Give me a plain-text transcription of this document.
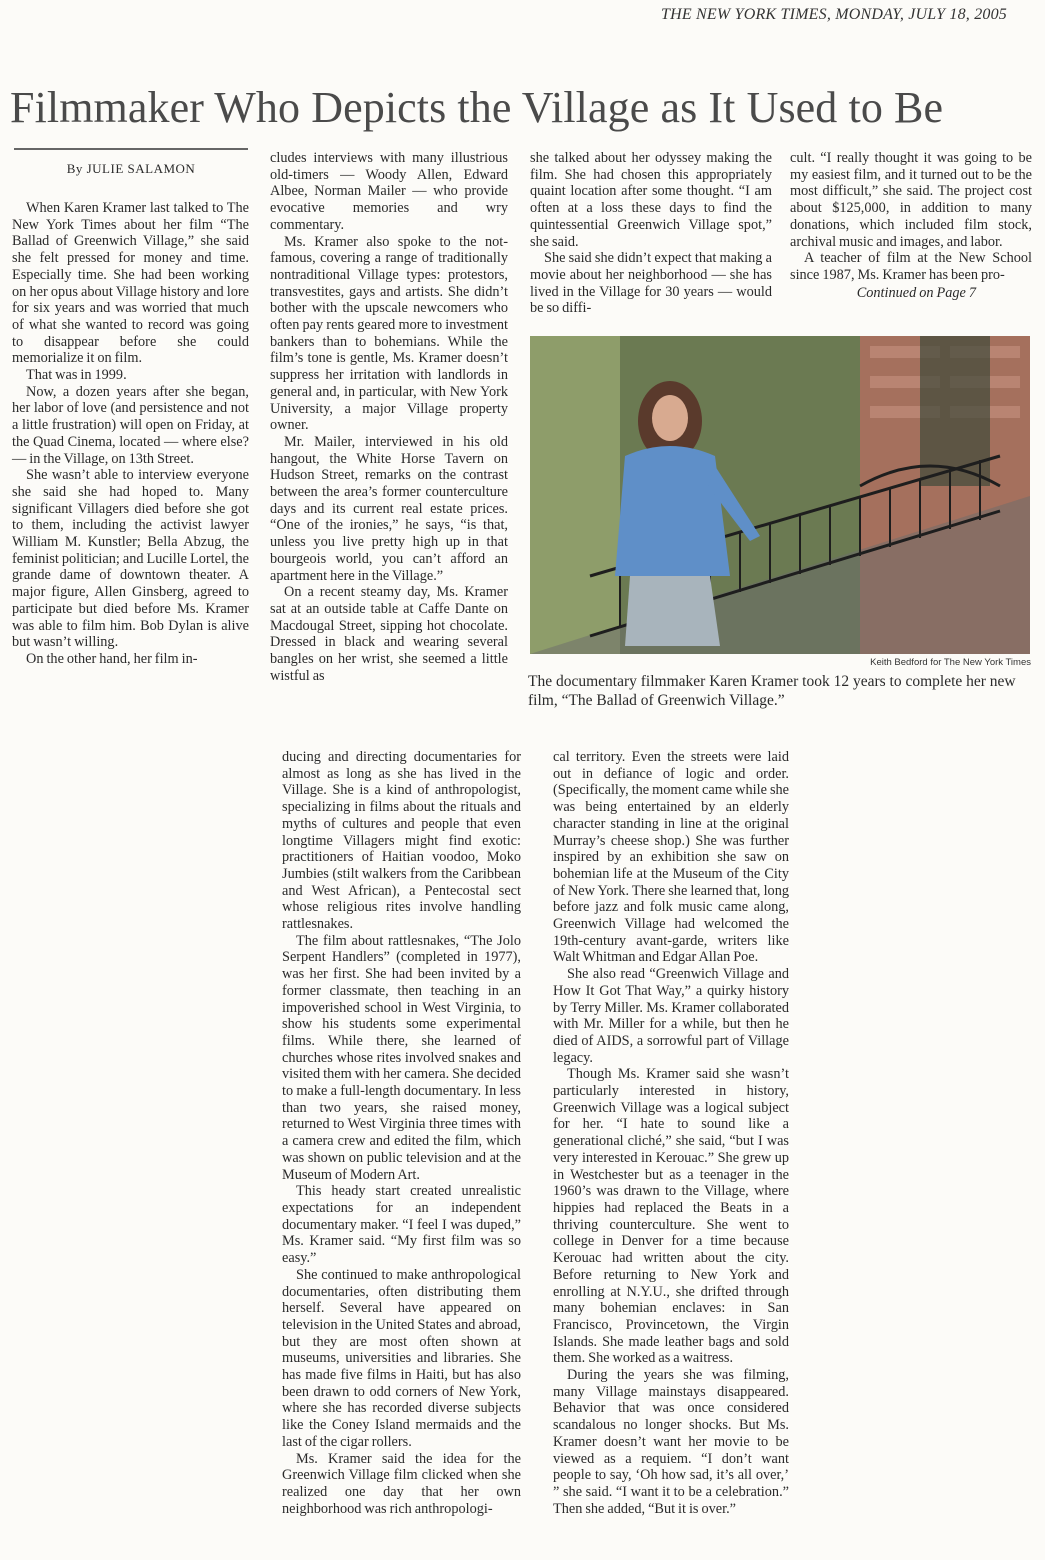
THE NEW YORK TIMES, MONDAY, JULY 18, 2005
Filmmaker Who Depicts the Village as It Used to Be
By JULIE SALAMON

When Karen Kramer last talked to The New York Times about her film “The Ballad of Greenwich Village,” she said she felt pressed for money and time. Especially time. She had been working on her opus about Village history and lore for six years and was worried that much of what she wanted to record was going to disappear before she could memorialize it on film.

That was in 1999.

Now, a dozen years after she began, her labor of love (and persistence and not a little frustration) will open on Friday, at the Quad Cinema, located — where else? — in the Village, on 13th Street.

She wasn’t able to interview everyone she said she had hoped to. Many significant Villagers died before she got to them, including the activist lawyer William M. Kunstler; Bella Abzug, the feminist politician; and Lucille Lortel, the grande dame of downtown theater. A major figure, Allen Ginsberg, agreed to participate but died before Ms. Kramer was able to film him. Bob Dylan is alive but wasn’t willing.

On the other hand, her film in-

cludes interviews with many illustrious old-timers — Woody Allen, Edward Albee, Norman Mailer — who provide evocative memories and wry commentary.

Ms. Kramer also spoke to the not-famous, covering a range of traditionally nontraditional Village types: protestors, transvestites, gays and artists. She didn’t bother with the upscale newcomers who often pay rents geared more to investment bankers than to bohemians. While the film’s tone is gentle, Ms. Kramer doesn’t suppress her irritation with landlords in general and, in particular, with New York University, a major Village property owner.

Mr. Mailer, interviewed in his old hangout, the White Horse Tavern on Hudson Street, remarks on the contrast between the area’s former counterculture days and its current real estate prices. “One of the ironies,” he says, “is that, unless you live pretty high up in that bourgeois world, you can’t afford an apartment here in the Village.”

On a recent steamy day, Ms. Kramer sat at an outside table at Caffe Dante on Macdougal Street, sipping hot chocolate. Dressed in black and wearing several bangles on her wrist, she seemed a little wistful as

she talked about her odyssey making the film. She had chosen this appropriately quaint location after some thought. “I am often at a loss these days to find the quintessential Greenwich Village spot,” she said.

She said she didn’t expect that making a movie about her neighborhood — she has lived in the Village for 30 years — would be so diffi-

cult. “I really thought it was going to be my easiest film, and it turned out to be the most difficult,” she said. The project cost about $125,000, in addition to many donations, which included film stock, archival music and images, and labor.

A teacher of film at the New School since 1987, Ms. Kramer has been pro-

Continued on Page 7
Keith Bedford for The New York Times
The documentary filmmaker Karen Kramer took 12 years to complete her new film, “The Ballad of Greenwich Village.”

ducing and directing documentaries for almost as long as she has lived in the Village. She is a kind of anthropologist, specializing in films about the rituals and myths of cultures and people that even longtime Villagers might find exotic: practitioners of Haitian voodoo, Moko Jumbies (stilt walkers from the Caribbean and West African), a Pentecostal sect whose religious rites involve handling rattlesnakes.

The film about rattlesnakes, “The Jolo Serpent Handlers” (completed in 1977), was her first. She had been invited by a former classmate, then teaching in an impoverished school in West Virginia, to show his students some experimental films. While there, she learned of churches whose rites involved snakes and visited them with her camera. She decided to make a full-length documentary. In less than two years, she raised money, returned to West Virginia three times with a camera crew and edited the film, which was shown on public television and at the Museum of Modern Art.

This heady start created unrealistic expectations for an independent documentary maker. “I feel I was duped,” Ms. Kramer said. “My first film was so easy.”

She continued to make anthropological documentaries, often distributing them herself. Several have appeared on television in the United States and abroad, but they are most often shown at museums, universities and libraries. She has made five films in Haiti, but has also been drawn to odd corners of New York, where she has recorded diverse subjects like the Coney Island mermaids and the last of the cigar rollers.

Ms. Kramer said the idea for the Greenwich Village film clicked when she realized one day that her own neighborhood was rich anthropologi-

cal territory. Even the streets were laid out in defiance of logic and order. (Specifically, the moment came while she was being entertained by an elderly character standing in line at the original Murray’s cheese shop.) She was further inspired by an exhibition she saw on bohemian life at the Museum of the City of New York. There she learned that, long before jazz and folk music came along, Greenwich Village had welcomed the 19th-century avant-garde, writers like Walt Whitman and Edgar Allan Poe.

She also read “Greenwich Village and How It Got That Way,” a quirky history by Terry Miller. Ms. Kramer collaborated with Mr. Miller for a while, but then he died of AIDS, a sorrowful part of Village legacy.

Though Ms. Kramer said she wasn’t particularly interested in history, Greenwich Village was a logical subject for her. “I hate to sound like a generational cliché,” she said, “but I was very interested in Kerouac.” She grew up in Westchester but as a teenager in the 1960’s was drawn to the Village, where hippies had replaced the Beats in a thriving counterculture. She went to college in Denver for a time because Kerouac had written about the city. Before returning to New York and enrolling at N.Y.U., she drifted through many bohemian enclaves: in San Francisco, Provincetown, the Virgin Islands. She made leather bags and sold them. She worked as a waitress.

During the years she was filming, many Village mainstays disappeared. Behavior that was once considered scandalous no longer shocks. But Ms. Kramer doesn’t want her movie to be viewed as a requiem. “I don’t want people to say, ‘Oh how sad, it’s all over,’ ” she said. “I want it to be a celebration.” Then she added, “But it is over.”
